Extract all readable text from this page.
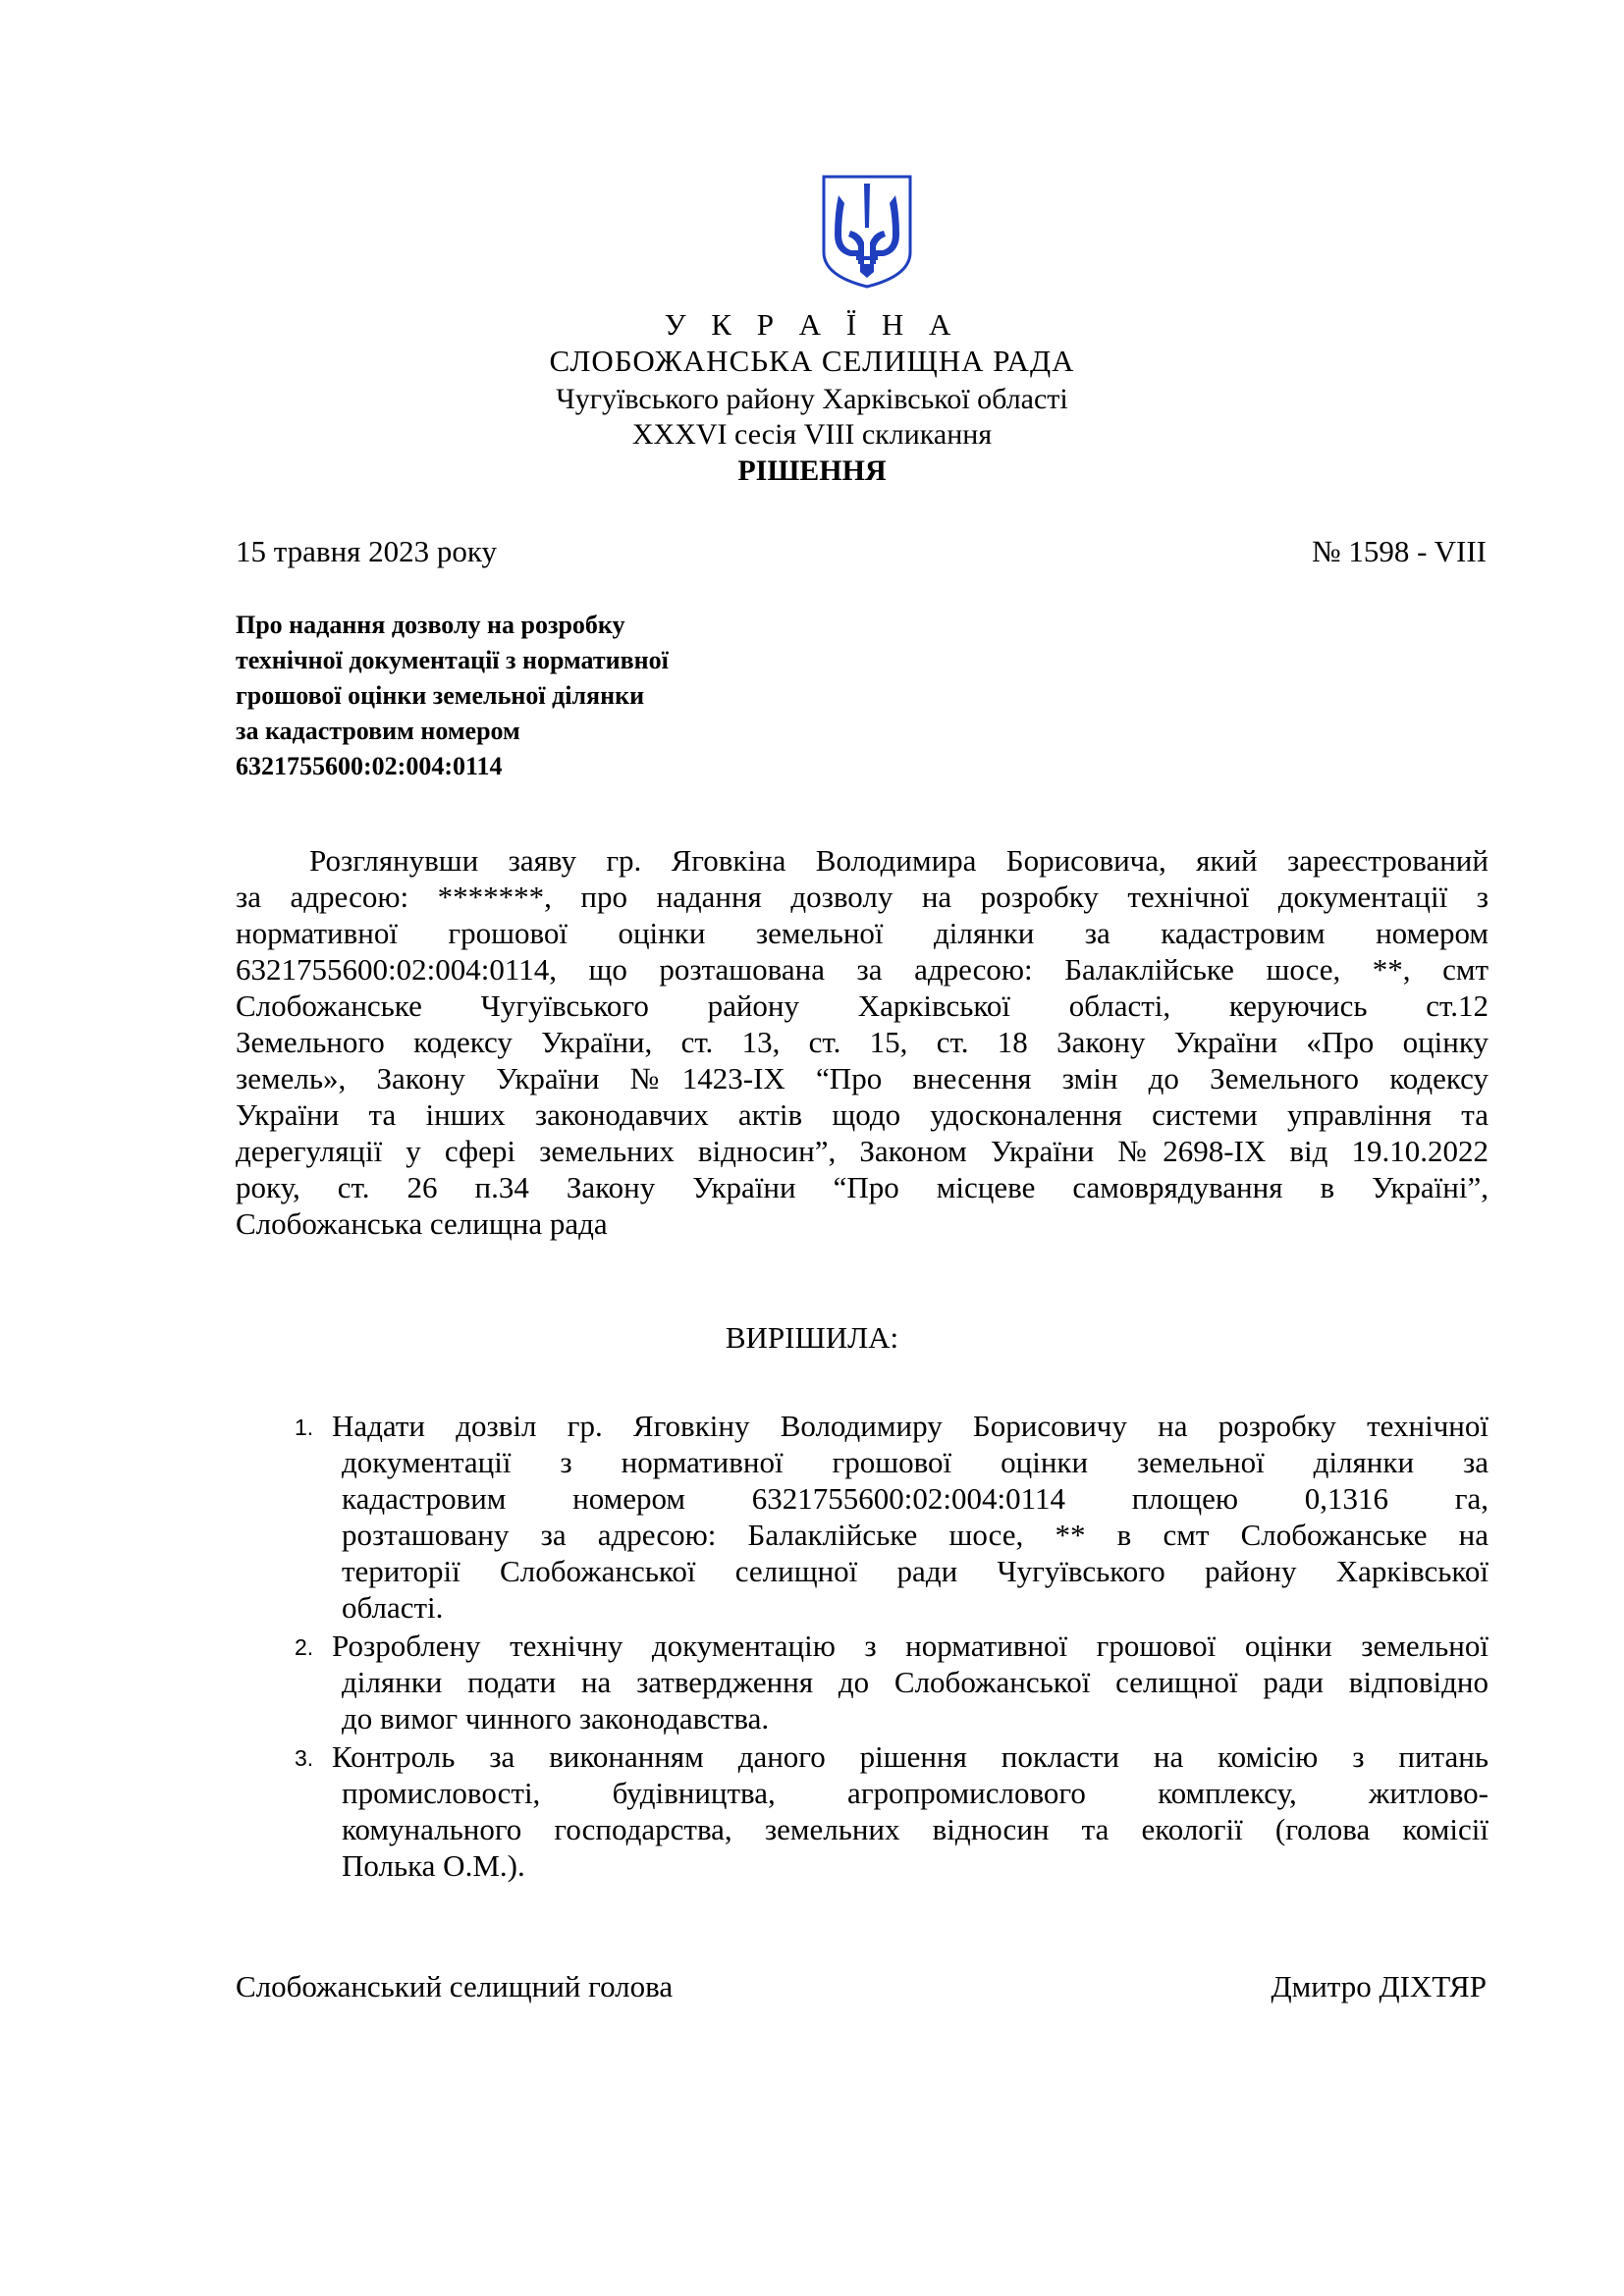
У К Р А Ї Н А
СЛОБОЖАНСЬКА СЕЛИЩНА РАДА
Чугуївського району Харківської області
XXXVI сесія VIII скликання
РІШЕННЯ
15 травня 2023 року	№ 1598 - VIII
Про надання дозволу на розробку
технічної документації з нормативної
грошової оцінки земельної ділянки
за кадастровим номером
6321755600:02:004:0114
Розглянувши заяву гр. Яговкіна Володимира Борисовича, який зареєстрований
за адресою: *******, про надання дозволу на розробку технічної документації з
нормативної грошової оцінки земельної ділянки за кадастровим номером
6321755600:02:004:0114, що розташована за адресою: Балаклійське шосе, **, смт
Слобожанське Чугуївського району Харківської області, керуючись ст.12
Земельного кодексу України, ст. 13, ст. 15, ст. 18 Закону України «Про оцінку
земель», Закону України №1423-IX “Про внесення змін до Земельного кодексу
України та інших законодавчих актів щодо удосконалення системи управління та
дерегуляції у сфері земельних відносин”, Законом України №2698-IX від 19.10.2022
року, ст. 26 п.34 Закону України “Про місцеве самоврядування в Україні”,
Слобожанська селищна рада
ВИРІШИЛА:
1. Надати дозвіл гр. Яговкіну Володимиру Борисовичу на розробку технічної
документації з нормативної грошової оцінки земельної ділянки за
кадастровим номером 6321755600:02:004:0114 площею 0,1316 га,
розташовану за адресою: Балаклійське шосе, ** в смт Слобожанське на
території Слобожанської селищної ради Чугуївського району Харківської
області.
2. Розроблену технічну документацію з нормативної грошової оцінки земельної
ділянки подати на затвердження до Слобожанської селищної ради відповідно
до вимог чинного законодавства.
3. Контроль за виконанням даного рішення покласти на комісію з питань
промисловості, будівництва, агропромислового комплексу, житлово-
комунального господарства, земельних відносин та екології (голова комісії
Полька О.М.).
Слобожанський селищний голова	Дмитро ДІХТЯР
